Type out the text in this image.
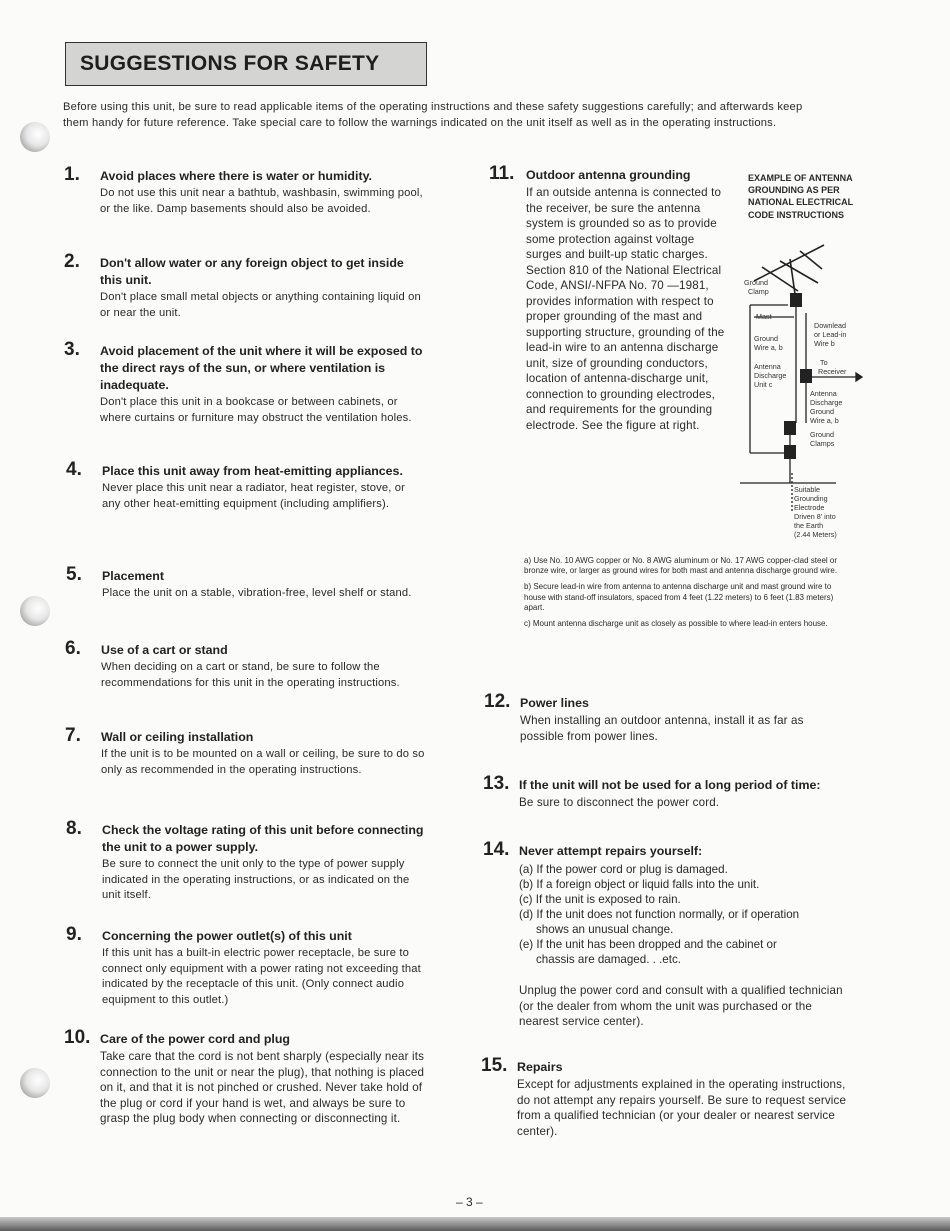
SUGGESTIONS FOR SAFETY
Before using this unit, be sure to read applicable items of the operating instructions and these safety suggestions carefully; and afterwards keep them handy for future reference. Take special care to follow the warnings indicated on the unit itself as well as in the operating instructions.
1. Avoid places where there is water or humidity.
Do not use this unit near a bathtub, washbasin, swimming pool, or the like. Damp basements should also be avoided.
2. Don't allow water or any foreign object to get inside this unit.
Don't place small metal objects or anything containing liquid on or near the unit.
3. Avoid placement of the unit where it will be exposed to the direct rays of the sun, or where ventilation is inadequate.
Don't place this unit in a bookcase or between cabinets, or where curtains or furniture may obstruct the ventilation holes.
4. Place this unit away from heat-emitting appliances.
Never place this unit near a radiator, heat register, stove, or any other heat-emitting equipment (including amplifiers).
5. Placement
Place the unit on a stable, vibration-free, level shelf or stand.
6. Use of a cart or stand
When deciding on a cart or stand, be sure to follow the recommendations for this unit in the operating instructions.
7. Wall or ceiling installation
If the unit is to be mounted on a wall or ceiling, be sure to do so only as recommended in the operating instructions.
8. Check the voltage rating of this unit before connecting the unit to a power supply.
Be sure to connect the unit only to the type of power supply indicated in the operating instructions, or as indicated on the unit itself.
9. Concerning the power outlet(s) of this unit
If this unit has a built-in electric power receptacle, be sure to connect only equipment with a power rating not exceeding that indicated by the receptacle of this unit. (Only connect audio equipment to this outlet.)
10. Care of the power cord and plug
Take care that the cord is not bent sharply (especially near its connection to the unit or near the plug), that nothing is placed on it, and that it is not pinched or crushed. Never take hold of the plug or cord if your hand is wet, and always be sure to grasp the plug body when connecting or disconnecting it.
11. Outdoor antenna grounding
If an outside antenna is connected to the receiver, be sure the antenna system is grounded so as to provide some protection against voltage surges and built-up static charges. Section 810 of the National Electrical Code, ANSI/-NFPA No. 70 —1981, provides information with respect to proper grounding of the mast and supporting structure, grounding of the lead-in wire to an antenna discharge unit, size of grounding conductors, location of antenna-discharge unit, connection to grounding electrodes, and requirements for the grounding electrode. See the figure at right.
EXAMPLE OF ANTENNA GROUNDING AS PER NATIONAL ELECTRICAL CODE INSTRUCTIONS
Ground
Clamp
Mast
Ground
Wire a, b
Antenna
Discharge
Unit c
Downlead
or Lead-in
Wire b
To
Receiver
Antenna
Discharge
Ground
Wire a, b
Ground
Clamps
Suitable
Grounding
Electrode
Driven 8' into
the Earth
(2.44 Meters)
a) Use No. 10 AWG copper or No. 8 AWG aluminum or No. 17 AWG copper-clad steel or bronze wire, or larger as ground wires for both mast and antenna discharge ground wire.
b) Secure lead-in wire from antenna to antenna discharge unit and mast ground wire to house with stand-off insulators, spaced from 4 feet (1.22 meters) to 6 feet (1.83 meters) apart.
c) Mount antenna discharge unit as closely as possible to where lead-in enters house.
12. Power lines
When installing an outdoor antenna, install it as far as possible from power lines.
13. If the unit will not be used for a long period of time:
Be sure to disconnect the power cord.
14. Never attempt repairs yourself:
(a) If the power cord or plug is damaged.
(b) If a foreign object or liquid falls into the unit.
(c) If the unit is exposed to rain.
(d) If the unit does not function normally, or if operation
shows an unusual change.
(e) If the unit has been dropped and the cabinet or
chassis are damaged. . .etc.
Unplug the power cord and consult with a qualified technician (or the dealer from whom the unit was purchased or the nearest service center).
15. Repairs
Except for adjustments explained in the operating instructions, do not attempt any repairs yourself. Be sure to request service from a qualified technician (or your dealer or nearest service center).
– 3 –
